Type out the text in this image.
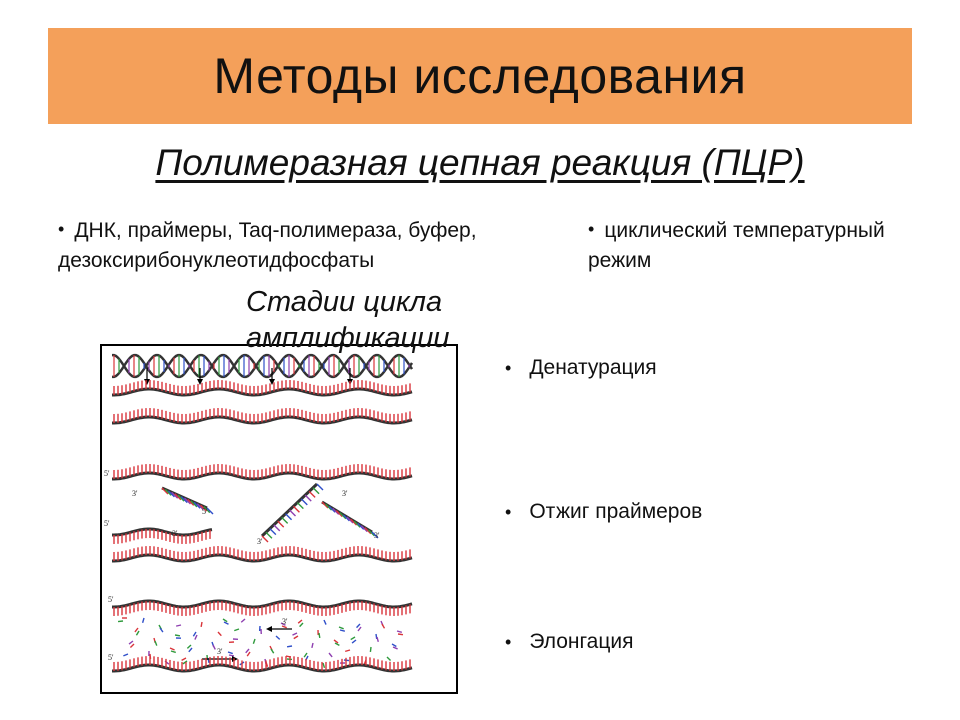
Методы исследования
Полимеразная цепная реакция (ПЦР)
• ДНК, праймеры, Taq-полимераза, буфер, дезоксирибонуклеотидфосфаты
• циклический температурный режим
5'
3'
5'
3'
3'
3'
5'
3'
5'
3'
3'
5'
Стадии цикла амплификации
• Денатурация
• Отжиг праймеров
• Элонгация
